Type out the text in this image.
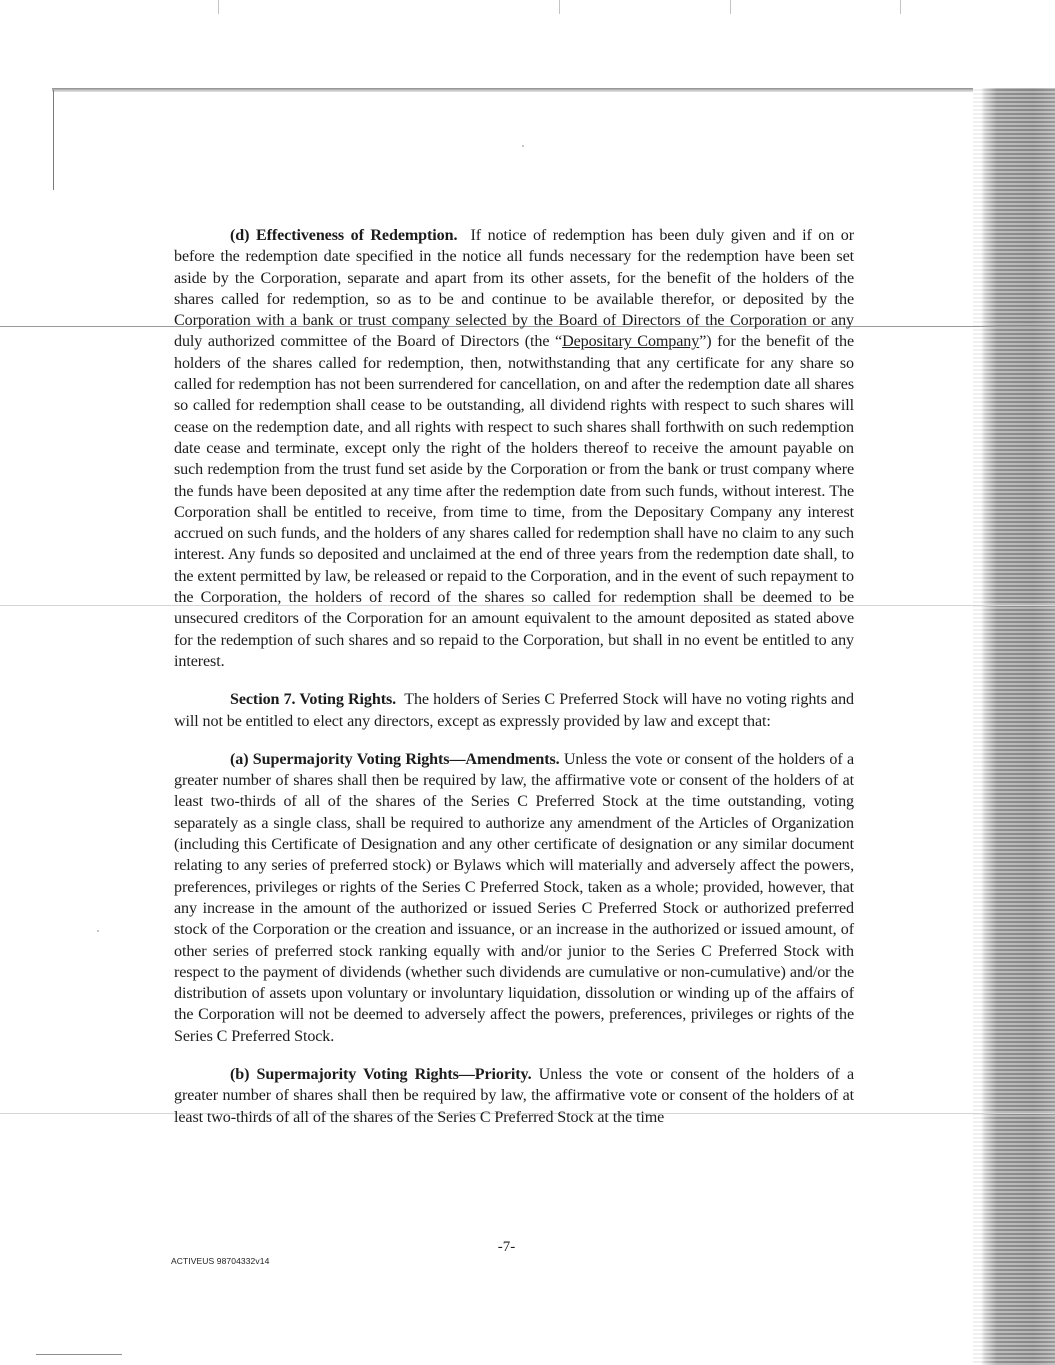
(d) Effectiveness of Redemption. If notice of redemption has been duly given and if on or before the redemption date specified in the notice all funds necessary for the redemption have been set aside by the Corporation, separate and apart from its other assets, for the benefit of the holders of the shares called for redemption, so as to be and continue to be available therefor, or deposited by the Corporation with a bank or trust company selected by the Board of Directors of the Corporation or any duly authorized committee of the Board of Directors (the “Depositary Company”) for the benefit of the holders of the shares called for redemption, then, notwithstanding that any certificate for any share so called for redemption has not been surrendered for cancellation, on and after the redemption date all shares so called for redemption shall cease to be outstanding, all dividend rights with respect to such shares will cease on the redemption date, and all rights with respect to such shares shall forthwith on such redemption date cease and terminate, except only the right of the holders thereof to receive the amount payable on such redemption from the trust fund set aside by the Corporation or from the bank or trust company where the funds have been deposited at any time after the redemption date from such funds, without interest. The Corporation shall be entitled to receive, from time to time, from the Depositary Company any interest accrued on such funds, and the holders of any shares called for redemption shall have no claim to any such interest. Any funds so deposited and unclaimed at the end of three years from the redemption date shall, to the extent permitted by law, be released or repaid to the Corporation, and in the event of such repayment to the Corporation, the holders of record of the shares so called for redemption shall be deemed to be unsecured creditors of the Corporation for an amount equivalent to the amount deposited as stated above for the redemption of such shares and so repaid to the Corporation, but shall in no event be entitled to any interest.

Section 7. Voting Rights. The holders of Series C Preferred Stock will have no voting rights and will not be entitled to elect any directors, except as expressly provided by law and except that:

(a) Supermajority Voting Rights—Amendments. Unless the vote or consent of the holders of a greater number of shares shall then be required by law, the affirmative vote or consent of the holders of at least two-thirds of all of the shares of the Series C Preferred Stock at the time outstanding, voting separately as a single class, shall be required to authorize any amendment of the Articles of Organization (including this Certificate of Designation and any other certificate of designation or any similar document relating to any series of preferred stock) or Bylaws which will materially and adversely affect the powers, preferences, privileges or rights of the Series C Preferred Stock, taken as a whole; provided, however, that any increase in the amount of the authorized or issued Series C Preferred Stock or authorized preferred stock of the Corporation or the creation and issuance, or an increase in the authorized or issued amount, of other series of preferred stock ranking equally with and/or junior to the Series C Preferred Stock with respect to the payment of dividends (whether such dividends are cumulative or non-cumulative) and/or the distribution of assets upon voluntary or involuntary liquidation, dissolution or winding up of the affairs of the Corporation will not be deemed to adversely affect the powers, preferences, privileges or rights of the Series C Preferred Stock.

(b) Supermajority Voting Rights—Priority. Unless the vote or consent of the holders of a greater number of shares shall then be required by law, the affirmative vote or consent of the holders of at least two-thirds of all of the shares of the Series C Preferred Stock at the time

-7-
ACTIVEUS 98704332v14
